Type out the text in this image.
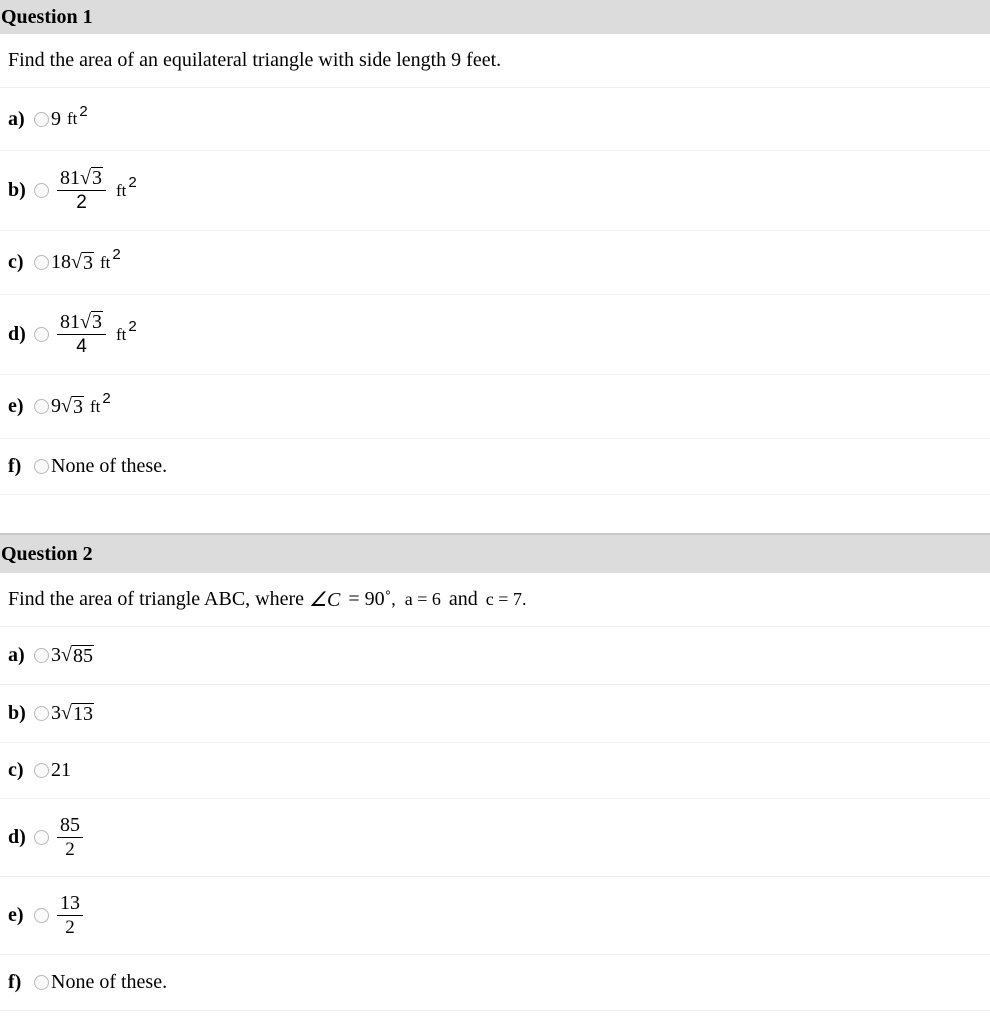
Question 1
Find the area of an equilateral triangle with side length 9 feet.
a)	9 ft 2
b)	$\frac{81 √ 3}{2}$ ft 2
c)	18 √ 3 ft 2
d)	$\frac{81 √ 3}{4}$ ft 2
e)	9 √ 3 ft 2
f)	None of these.
Question 2
Find the area of triangle ABC, where ∠C = 90˚ ,  a = 6 and c = 7.
a)	3 √ 85
b)	3 √ 13
c)	21
d)	$\frac{85}{2}$
e)	$\frac{13}{2}$
f)	None of these.
